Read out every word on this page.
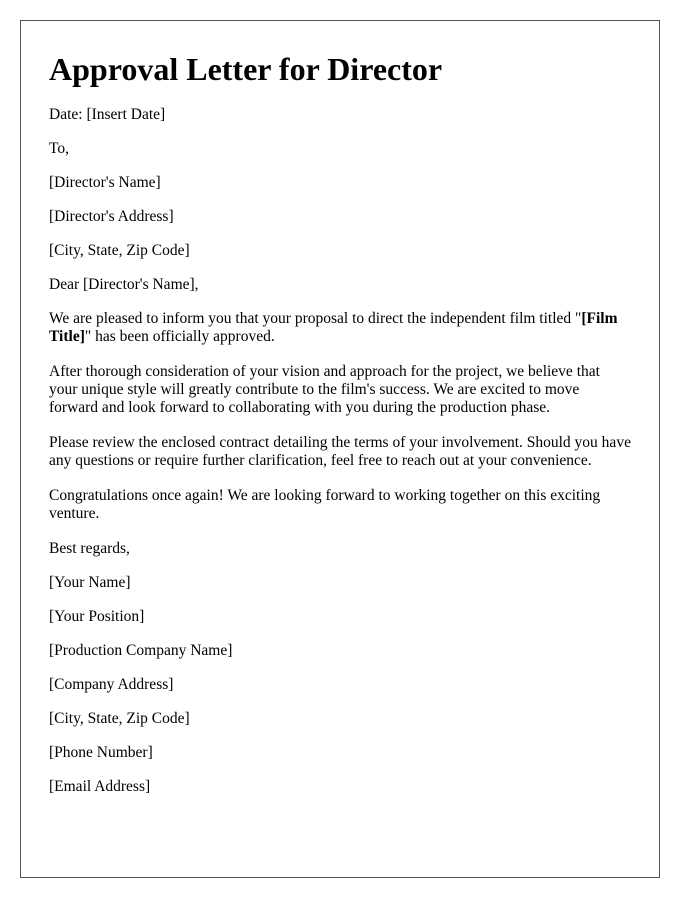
Approval Letter for Director
Date: [Insert Date]
To,
[Director's Name]
[Director's Address]
[City, State, Zip Code]
Dear [Director's Name],
We are pleased to inform you that your proposal to direct the independent film titled "[Film Title]" has been officially approved.
After thorough consideration of your vision and approach for the project, we believe that your unique style will greatly contribute to the film's success. We are excited to move forward and look forward to collaborating with you during the production phase.
Please review the enclosed contract detailing the terms of your involvement. Should you have any questions or require further clarification, feel free to reach out at your convenience.
Congratulations once again! We are looking forward to working together on this exciting venture.
Best regards,
[Your Name]
[Your Position]
[Production Company Name]
[Company Address]
[City, State, Zip Code]
[Phone Number]
[Email Address]
